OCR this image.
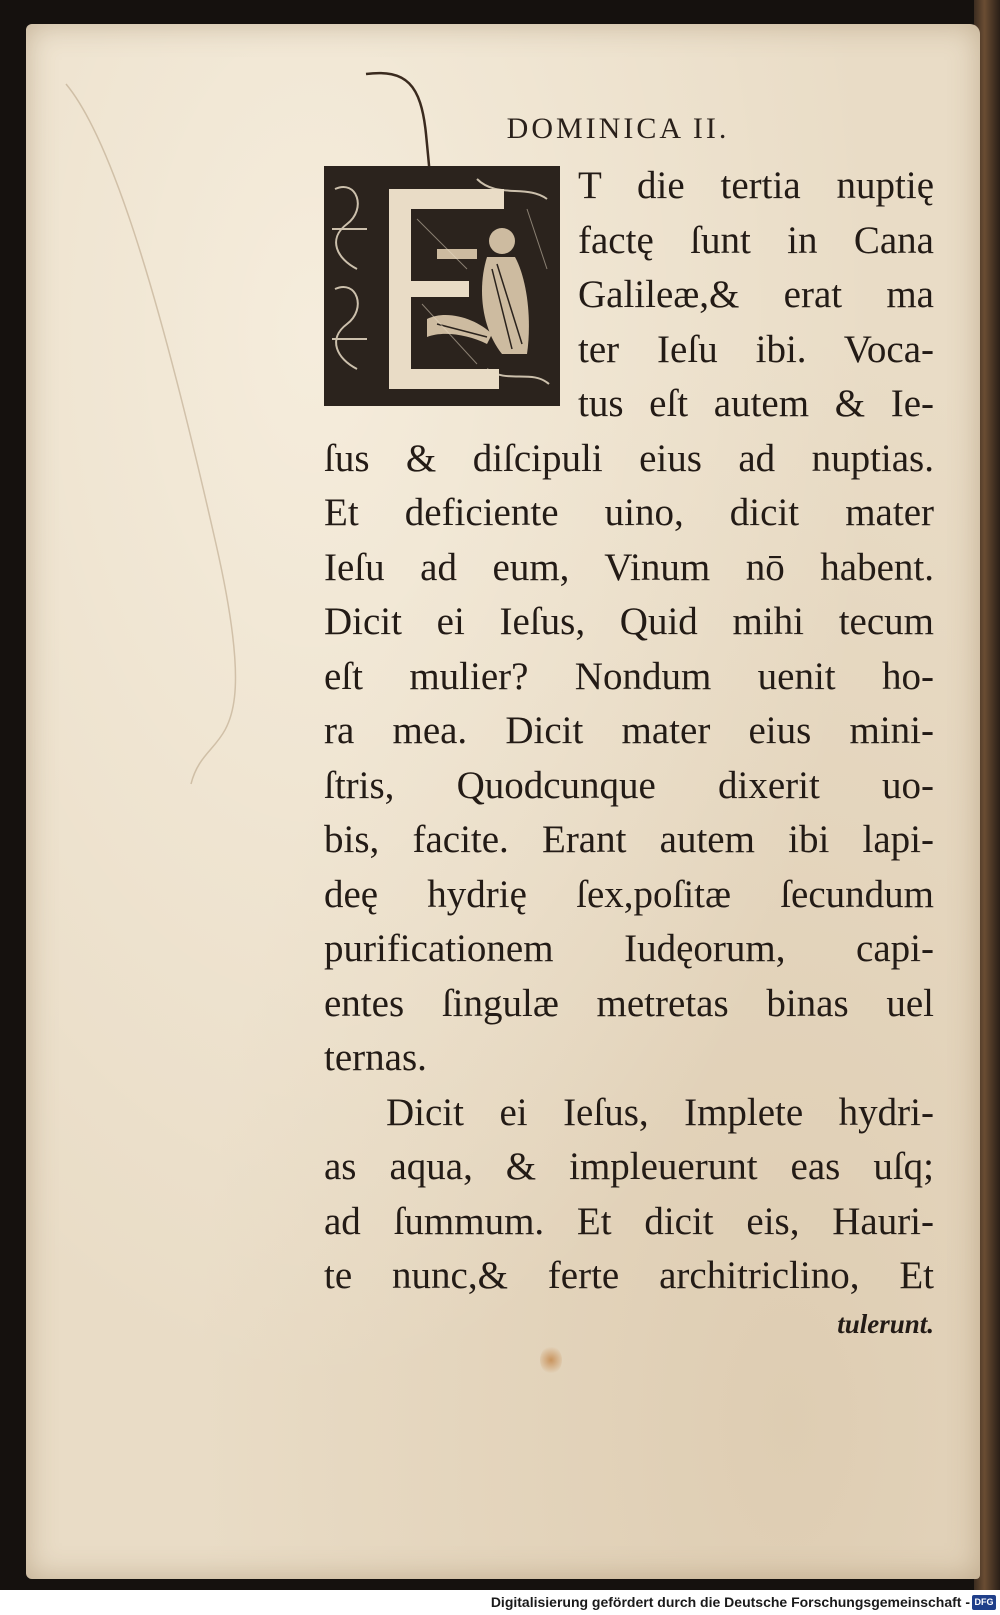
DOMINICA II.
T die tertia nuptię
factę ſunt in Cana
Galileæ,& erat ma
ter Ieſu ibi. Voca-
tus eſt autem & Ie-
ſus & diſcipuli eius ad nuptias.
Et deficiente uino, dicit mater
Ieſu ad eum, Vinum nō habent.
Dicit ei Ieſus, Quid mihi tecum
eſt mulier? Nondum uenit ho-
ra mea. Dicit mater eius mini-
ſtris, Quodcunque dixerit uo-
bis, facite. Erant autem ibi lapi-
deę hydrię ſex,poſitæ ſecundum
purificationem Iudęorum, capi-
entes ſingulæ metretas binas uel
ternas.
Dicit ei Ieſus, Implete hydri-
as aqua, & impleuerunt eas uſq;
ad ſummum. Et dicit eis, Hauri-
te nunc,& ferte architriclino, Et
tulerunt.
Digitalisierung gefördert durch die Deutsche Forschungsgemeinschaft - DFG
